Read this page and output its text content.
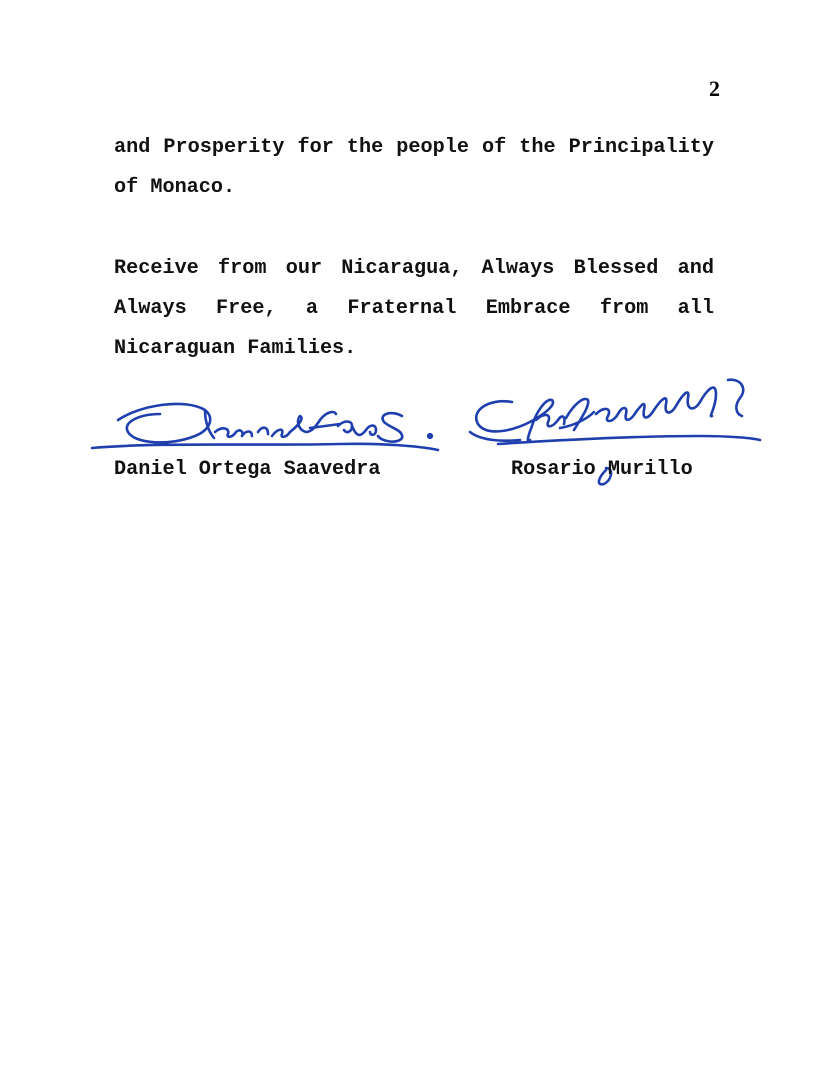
2
and Prosperity for the people of the Principality
of Monaco.
Receive from our Nicaragua, Always Blessed and
Always Free, a Fraternal Embrace from all
Nicaraguan Families.
Daniel Ortega Saavedra	Rosario Murillo
